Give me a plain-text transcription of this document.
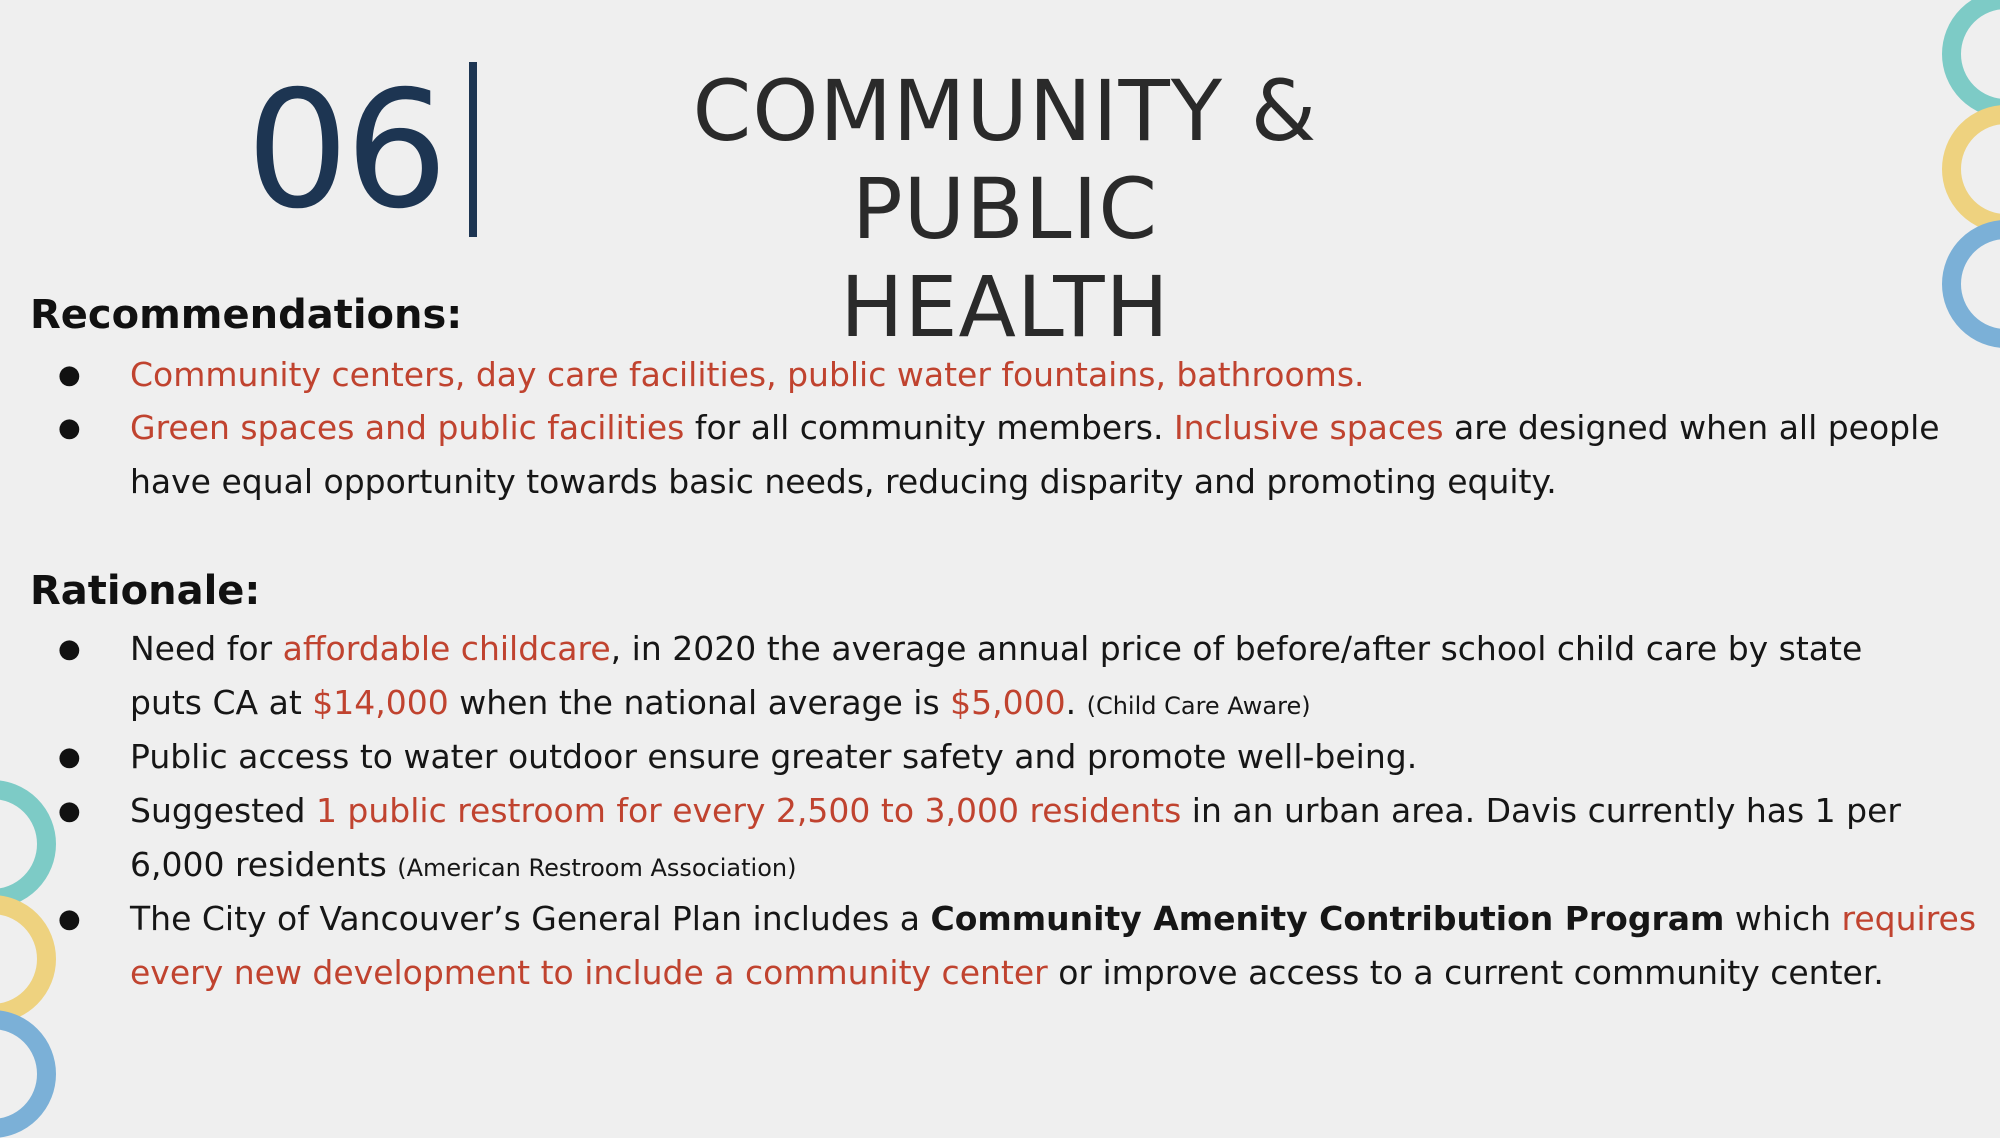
06	COMMUNITY &
PUBLIC HEALTH
Recommendations:
●	Community centers, day care facilities, public water fountains, bathrooms.
●	Green spaces and public facilities for all community members. Inclusive spaces are designed when all people
have equal opportunity towards basic needs, reducing disparity and promoting equity.
Rationale:
●	Need for affordable childcare, in 2020 the average annual price of before/after school child care by state
puts CA at $14,000 when the national average is $5,000. (Child Care Aware)
●	Public access to water outdoor ensure greater safety and promote well-being.
●	Suggested 1 public restroom for every 2,500 to 3,000 residents in an urban area. Davis currently has 1 per
6,000 residents (American Restroom Association)
●	The City of Vancouver’s General Plan includes a Community Amenity Contribution Program which requires
every new development to include a community center or improve access to a current community center.
